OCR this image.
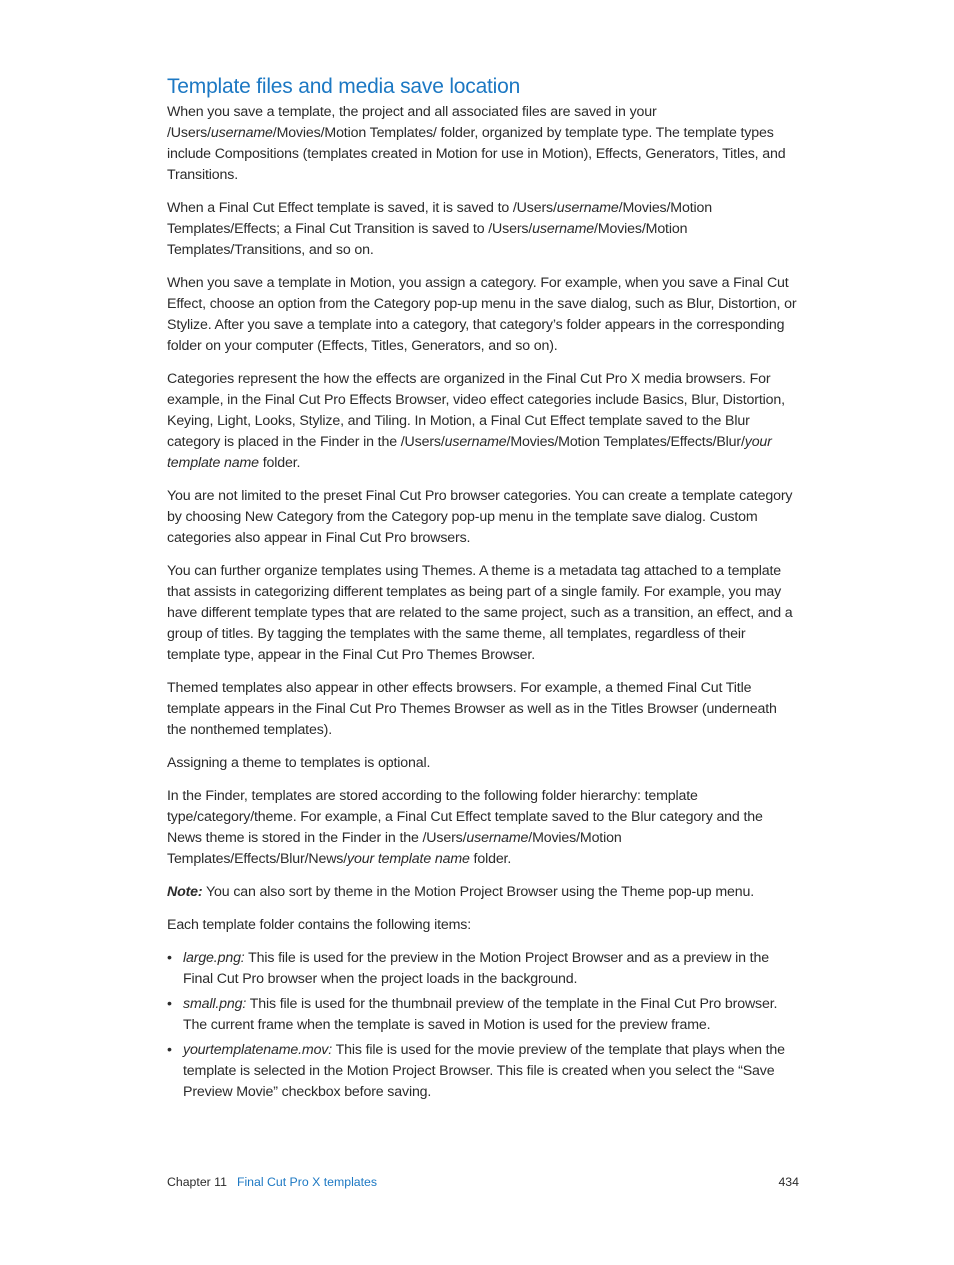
Template files and media save location

When you save a template, the project and all associated files are saved in your /Users/username/Movies/Motion Templates/ folder, organized by template type. The template types include Compositions (templates created in Motion for use in Motion), Effects, Generators, Titles, and Transitions.

When a Final Cut Effect template is saved, it is saved to /Users/username/Movies/Motion Templates/Effects; a Final Cut Transition is saved to /Users/username/Movies/Motion Templates/Transitions, and so on.

When you save a template in Motion, you assign a category. For example, when you save a Final Cut Effect, choose an option from the Category pop-up menu in the save dialog, such as Blur, Distortion, or Stylize. After you save a template into a category, that category’s folder appears in the corresponding folder on your computer (Effects, Titles, Generators, and so on).

Categories represent the how the effects are organized in the Final Cut Pro X media browsers. For example, in the Final Cut Pro Effects Browser, video effect categories include Basics, Blur, Distortion, Keying, Light, Looks, Stylize, and Tiling. In Motion, a Final Cut Effect template saved to the Blur category is placed in the Finder in the /Users/username/Movies/Motion Templates/Effects/Blur/your template name folder.

You are not limited to the preset Final Cut Pro browser categories. You can create a template category by choosing New Category from the Category pop-up menu in the template save dialog. Custom categories also appear in Final Cut Pro browsers.

You can further organize templates using Themes. A theme is a metadata tag attached to a template that assists in categorizing different templates as being part of a single family. For example, you may have different template types that are related to the same project, such as a transition, an effect, and a group of titles. By tagging the templates with the same theme, all templates, regardless of their template type, appear in the Final Cut Pro Themes Browser.

Themed templates also appear in other effects browsers. For example, a themed Final Cut Title template appears in the Final Cut Pro Themes Browser as well as in the Titles Browser (underneath the nonthemed templates).

Assigning a theme to templates is optional.

In the Finder, templates are stored according to the following folder hierarchy: template type/category/theme. For example, a Final Cut Effect template saved to the Blur category and the News theme is stored in the Finder in the /Users/username/Movies/Motion Templates/Effects/Blur/News/your template name folder.

Note: You can also sort by theme in the Motion Project Browser using the Theme pop-up menu.

Each template folder contains the following items:

• large.png: This file is used for the preview in the Motion Project Browser and as a preview in the Final Cut Pro browser when the project loads in the background.
• small.png: This file is used for the thumbnail preview of the template in the Final Cut Pro browser. The current frame when the template is saved in Motion is used for the preview frame.
• yourtemplatename.mov: This file is used for the movie preview of the template that plays when the template is selected in the Motion Project Browser. This file is created when you select the “Save Preview Movie” checkbox before saving.
Chapter 11 Final Cut Pro X templates	434
